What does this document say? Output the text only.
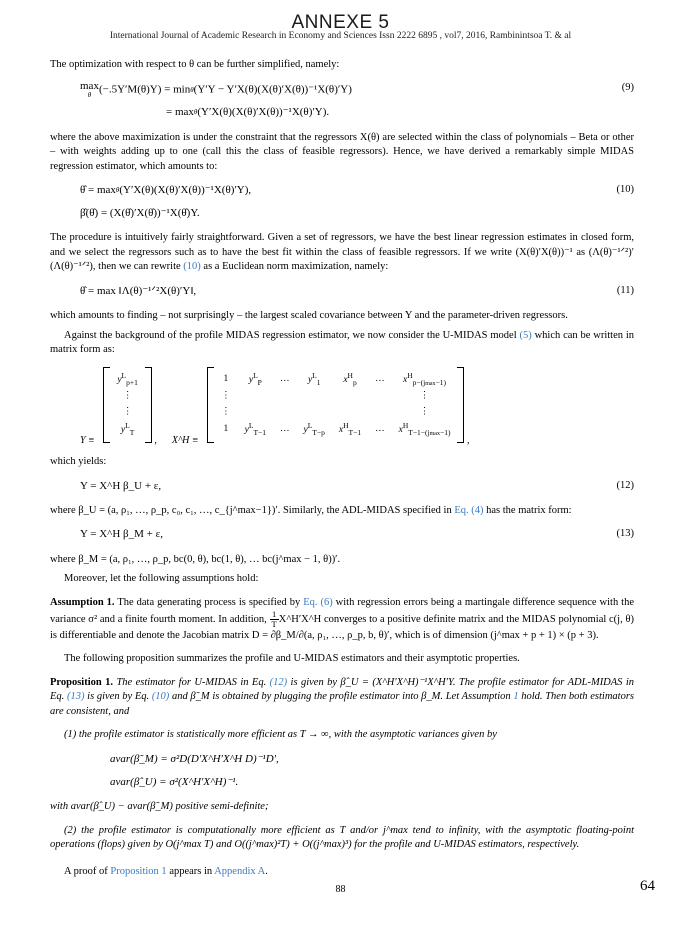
ANNEXE 5
International Journal of Academic Research in Economy and Sciences Issn 2222 6895 , vol7, 2016, Rambinintsoa T. & al

The optimization with respect to θ can be further simplified, namely:

max
θ (−.5Y′M(θ)Y) = min θ (Y′Y − Y′X(θ)(X(θ)′X(θ))⁻¹X(θ)′Y)
= max θ (Y′X(θ)(X(θ)′X(θ))⁻¹X(θ)′Y).
(9)

where the above maximization is under the constraint that the regressors X(θ) are selected within the class of polynomials – Beta or other – with weights adding up to one (call this the class of feasible regressors). Hence, we have derived a remarkably simple MIDAS regression estimator, which amounts to:

θ̂ = max θ (Y′X(θ)(X(θ)′X(θ))⁻¹X(θ)′Y),
β̂(θ̂) = (X(θ̂)′X(θ̂))⁻¹X(θ̂)Y.
(10)

The procedure is intuitively fairly straightforward. Given a set of regressors, we have the best linear regression estimates in closed form, and we select the regressors such as to have the best fit within the class of feasible regressors. If we write (X(θ)′X(θ))⁻¹ as (Λ(θ)⁻¹ᐟ²)′(Λ(θ)⁻¹ᐟ²), then we can rewrite (10) as a Euclidean norm maximization, namely:

θ̂ = max ‖Λ(θ)⁻¹ᐟ²X(θ)′Y‖,	(11)

which amounts to finding – not surprisingly – the largest scaled covariance between Y and the parameter-driven regressors.

Against the background of the profile MIDAS regression estimator, we now consider the U-MIDAS model (5) which can be written in matrix form as:

Y ≡
$y^L_{p+1}$
⋮
⋮
$y^L_T$
,      X^H ≡
1	$y^L_P$	…	$y^L_1$	$x^H_p$	…	$x^H_{p-(jmax-1)}$
⋮						⋮
⋮						⋮
1	$y^L_{T-1}$	…	$y^L_{T-p}$	$x^H_{T-1}$	…	$x^H_{T-1-(jmax-1)}$
,

which yields:

Y = X^H β_U + ε,	(12)

where β_U = (a, ρ₁, …, ρ_p, c₀, c₁, …, c_{j^max−1})′. Similarly, the ADL-MIDAS specified in Eq. (4) has the matrix form:

Y = X^H β_M + ε,	(13)

where β_M = (a, ρ₁, …, ρ_p, bc(0, θ), bc(1, θ), … bc(j^max − 1, θ))′.

Moreover, let the following assumptions hold:

Assumption 1. The data generating process is specified by Eq. (6) with regression errors being a martingale difference sequence with the variance σ² and a finite fourth moment. In addition, $\frac{1}{T}$ X^H′X^H converges to a positive definite matrix and the MIDAS polynomial c(j, θ) is differentiable and denote the Jacobian matrix D = ∂β_M/∂(a, ρ₁, …, ρ_p, b, θ)′, which is of dimension (j^max + p + 1) × (p + 3).

The following proposition summarizes the profile and U-MIDAS estimators and their asymptotic properties.

Proposition 1. The estimator for U-MIDAS in Eq. (12) is given by β̂_U = (X^H′X^H)⁻¹X^H′Y. The profile estimator for ADL-MIDAS in Eq. (13) is given by Eq. (10) and β̃_M is obtained by plugging the profile estimator into β_M. Let Assumption 1 hold. Then both estimators are consistent, and

(1) the profile estimator is statistically more efficient as T → ∞, with the asymptotic variances given by

avar(β̃_M) = σ²D(D′X^H′X^H D)⁻¹D′,
avar(β̂_U) = σ²(X^H′X^H)⁻¹.

with avar(β̂_U) − avar(β̃_M) positive semi-definite;

(2) the profile estimator is computationally more efficient as T and/or j^max tend to infinity, with the asymptotic floating-point operations (flops) given by O(j^max T) and O((j^max)²T) + O((j^max)³) for the profile and U-MIDAS estimators, respectively.

A proof of Proposition 1 appears in Appendix A.

88	64
